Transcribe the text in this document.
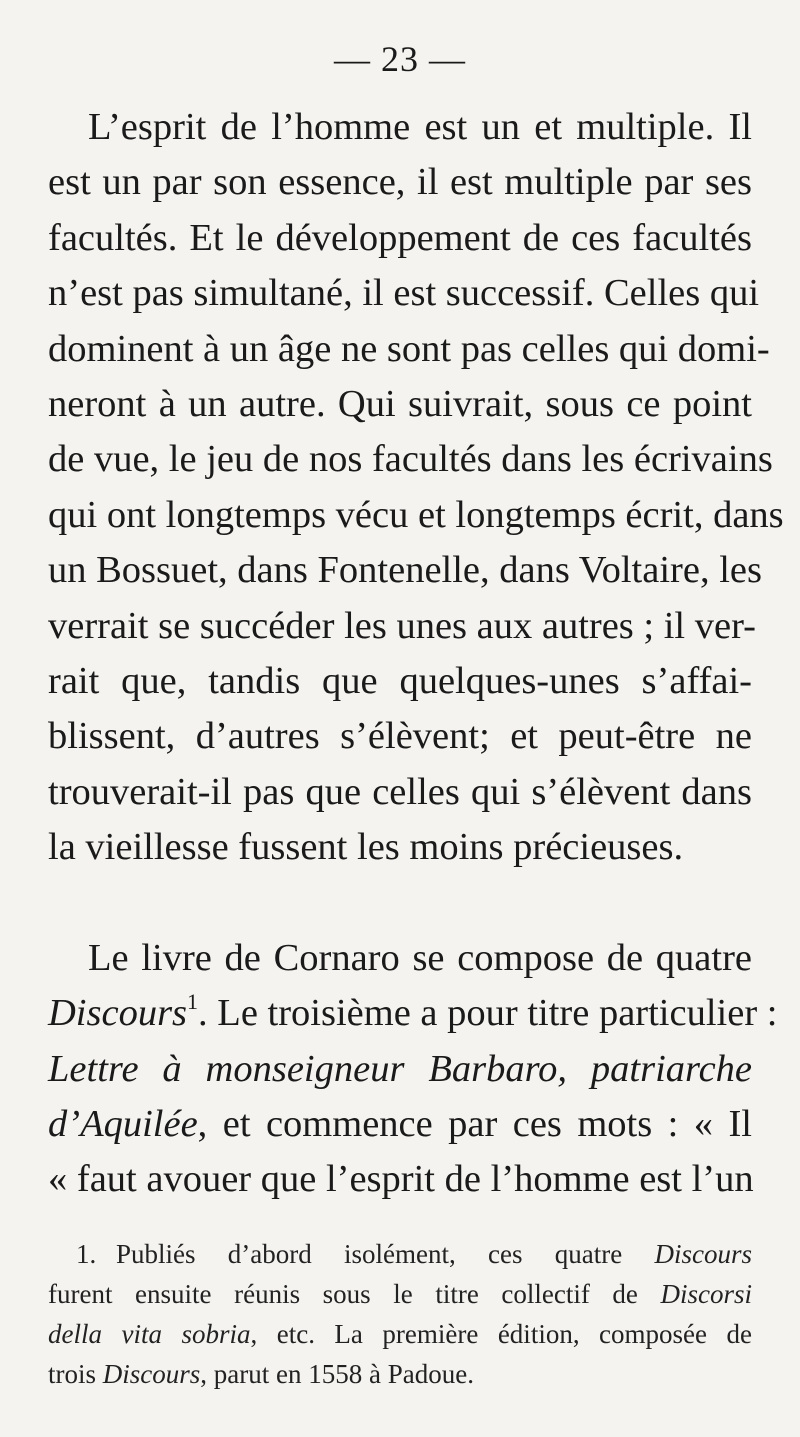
— 23 —
L’esprit de l’homme est un et multiple. Il
est un par son essence, il est multiple par ses
facultés. Et le développement de ces facultés
n’est pas simultané, il est successif. Celles qui
dominent à un âge ne sont pas celles qui domi-
neront à un autre. Qui suivrait, sous ce point
de vue, le jeu de nos facultés dans les écrivains
qui ont longtemps vécu et longtemps écrit, dans
un Bossuet, dans Fontenelle, dans Voltaire, les
verrait se succéder les unes aux autres ; il ver-
rait que, tandis que quelques-unes s’affai-
blissent, d’autres s’élèvent; et peut-être ne
trouverait-il pas que celles qui s’élèvent dans
la vieillesse fussent les moins précieuses.
Le livre de Cornaro se compose de quatre
Discours$^1$. Le troisième a pour titre particulier :
Lettre à monseigneur Barbaro, patriarche
d’Aquilée, et commence par ces mots : « Il
« faut avouer que l’esprit de l’homme est l’un
1. Publiés d’abord isolément, ces quatre Discours
furent ensuite réunis sous le titre collectif de Discorsi
della vita sobria, etc. La première édition, composée de
trois Discours, parut en 1558 à Padoue.
